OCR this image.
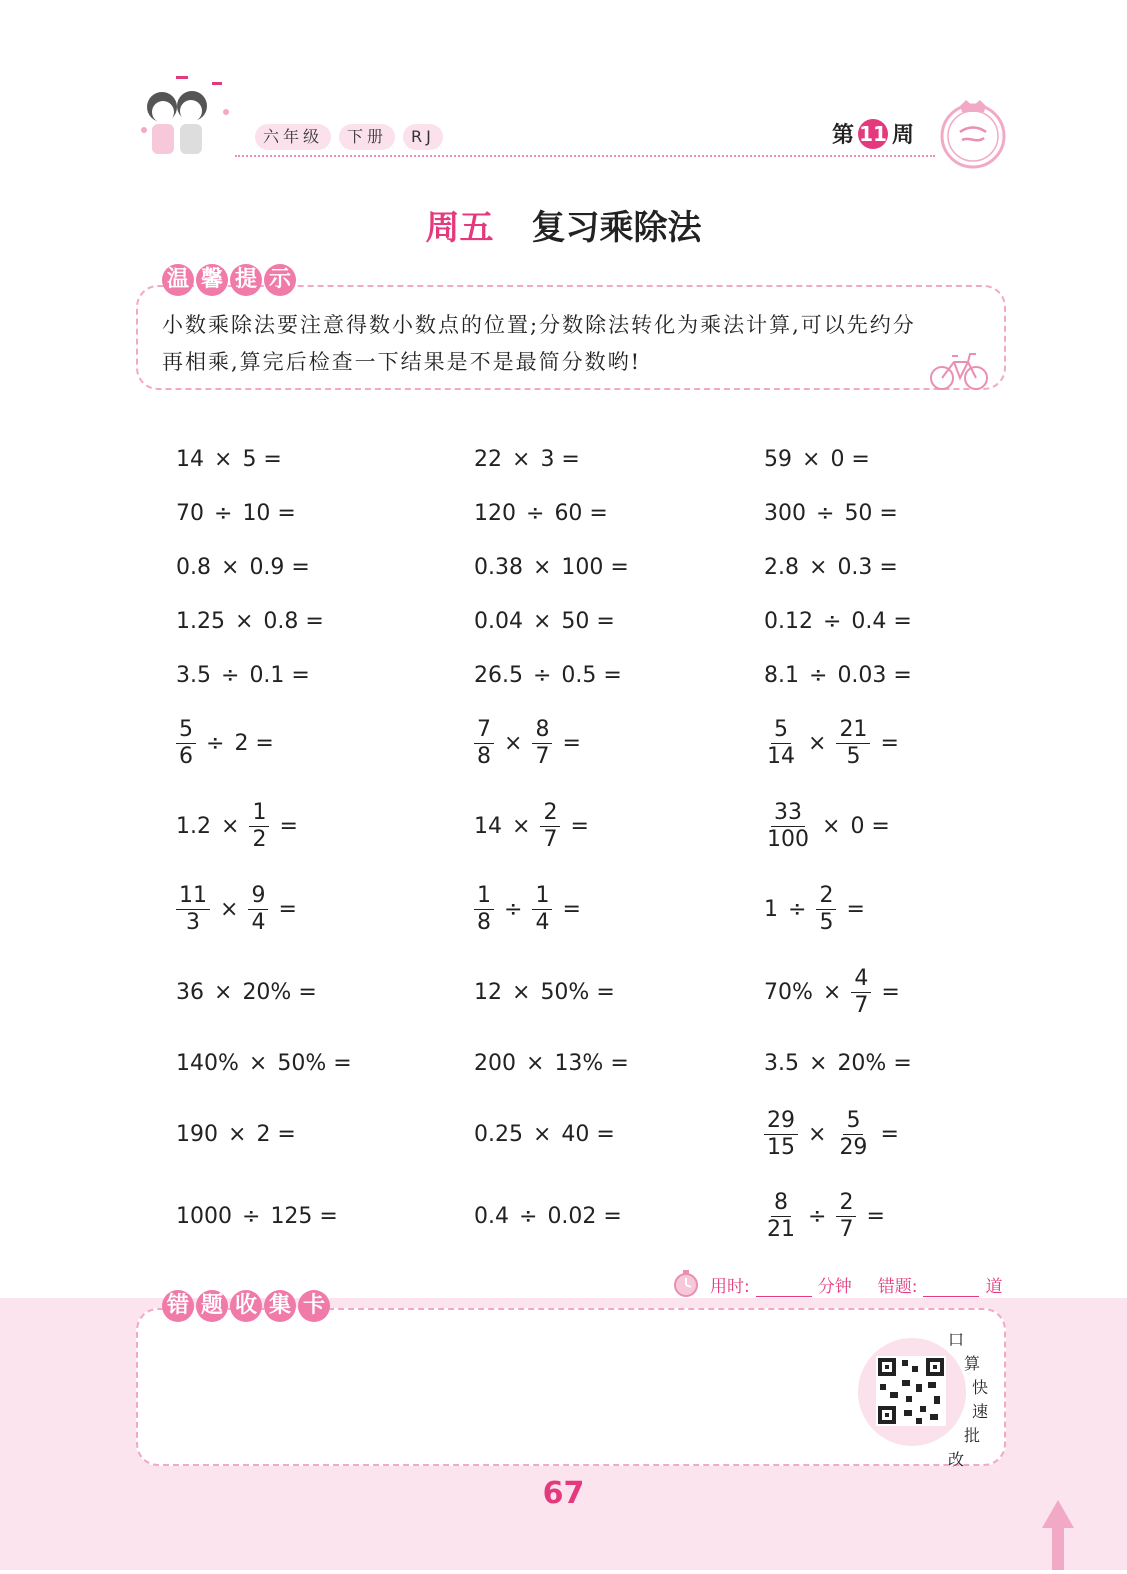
六年级	下册	RJ	第 11 周
周五 复习乘除法
温 馨 提 示
小数乘除法要注意得数小数点的位置;分数除法转化为乘法计算,可以先约分
再相乘,算完后检查一下结果是不是最简分数哟!
14 × 5 =	22 × 3 =	59 × 0 =
70 ÷ 10 =	120 ÷ 60 =	300 ÷ 50 =
0.8 × 0.9 =	0.38 × 100 =	2.8 × 0.3 =
1.25 × 0.8 =	0.04 × 50 =	0.12 ÷ 0.4 =
3.5 ÷ 0.1 =	26.5 ÷ 0.5 =	8.1 ÷ 0.03 =
$\frac{5}{6} \div 2$ =	$\frac{7}{8} \times \frac{8}{7}$ =	$\frac{5}{14} \times \frac{21}{5}$ =
$1.2 \times \frac{1}{2}$ =	$14 \times \frac{2}{7}$ =	$\frac{33}{100} \times 0$ =
$\frac{11}{3} \times \frac{9}{4}$ =	$\frac{1}{8} \div \frac{1}{4}$ =	$1 \div \frac{2}{5}$ =
36 × 20% =	12 × 50% =	$70\% \times \frac{4}{7}$ =
140% × 50% =	200 × 13% =	3.5 × 20% =
190 × 2 =	0.25 × 40 =	$\frac{29}{15} \times \frac{5}{29}$ =
1000 ÷ 125 =	0.4 ÷ 0.02 =	$\frac{8}{21} \div \frac{2}{7}$ =
用时:	分钟 错题:	道
错 题 收 集 卡
口
算
快
速
批
改
67
